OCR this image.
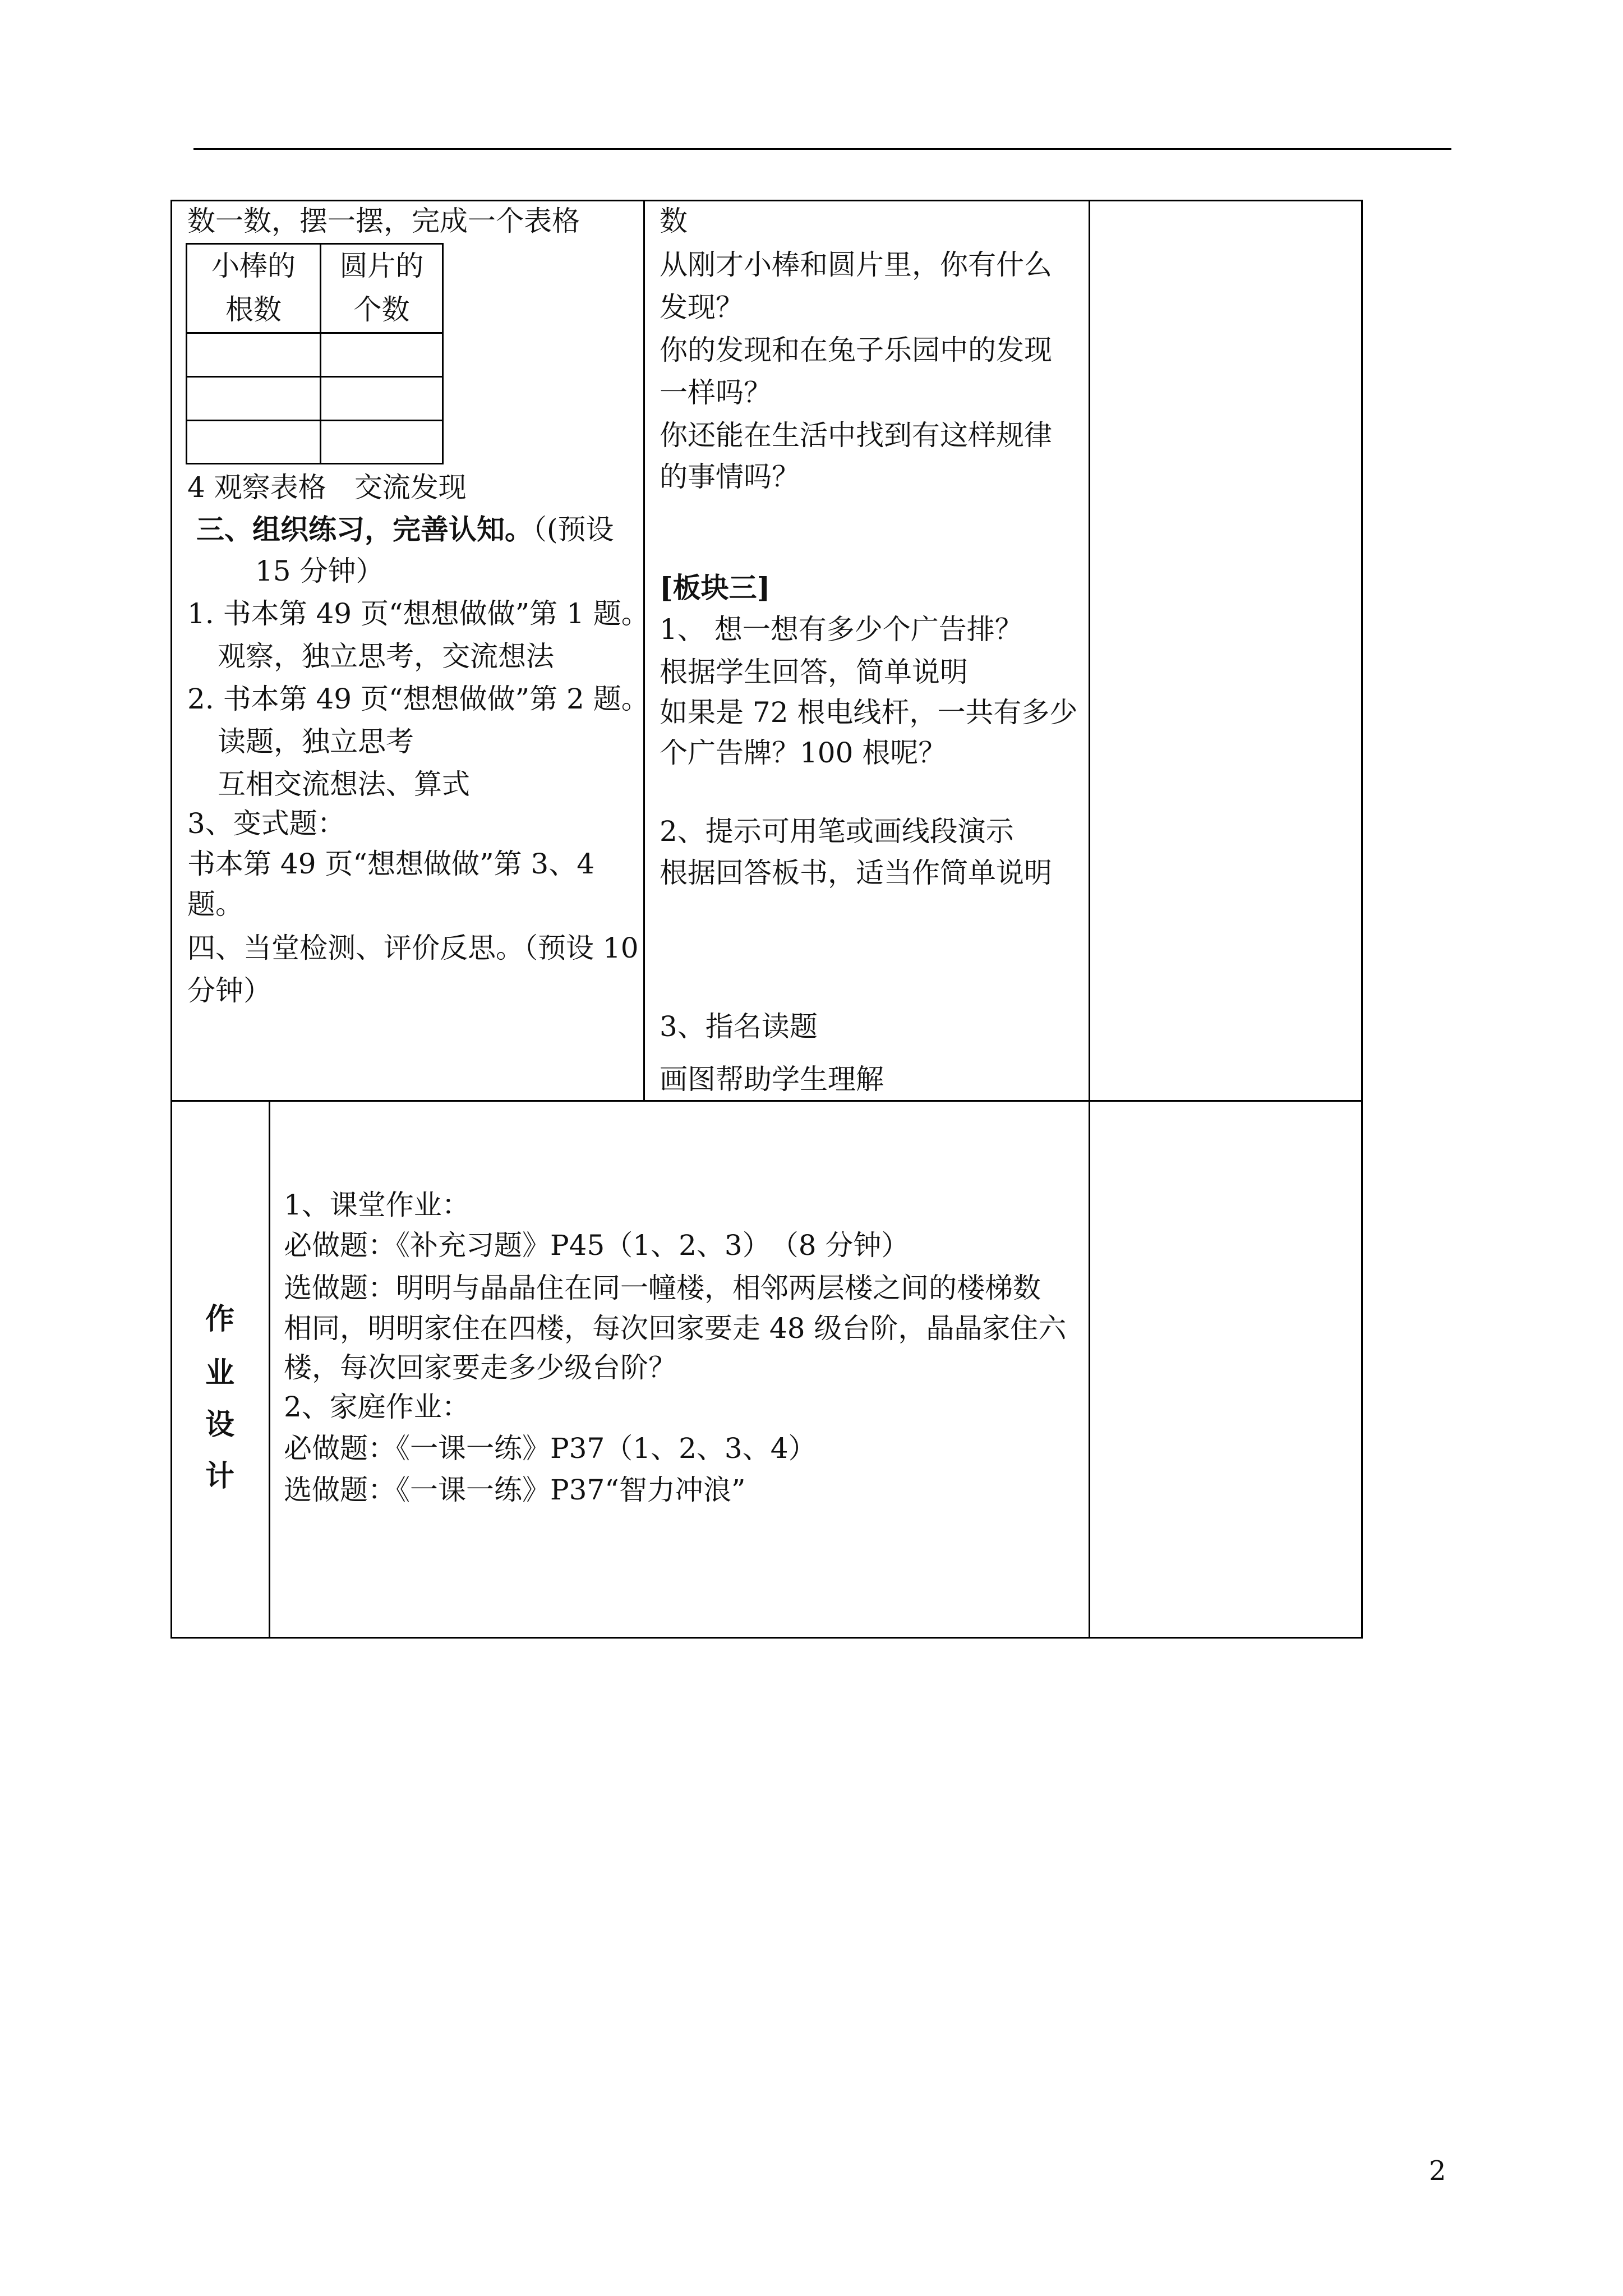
小棒的
根数
圆片的
个数
数一数，摆一摆，完成一个表格
4 观察表格　交流发现
三、组织练习，完善认知。（(预设
15 分钟）
1. 书本第 49 页“想想做做”第 1 题。
观察，独立思考，交流想法
2. 书本第 49 页“想想做做”第 2 题。
读题，独立思考
互相交流想法、算式
3、变式题：
书本第 49 页“想想做做”第 3、4
题。
四、当堂检测、评价反思。（预设 10
分钟）
数
从刚才小棒和圆片里，你有什么
发现？
你的发现和在兔子乐园中的发现
一样吗？
你还能在生活中找到有这样规律
的事情吗？
[板块三]
1、 想一想有多少个广告排？
根据学生回答，简单说明
如果是 72 根电线杆，一共有多少
个广告牌？100 根呢？
2、提示可用笔或画线段演示
根据回答板书，适当作简单说明
3、指名读题
画图帮助学生理解
作
业
设
计
1、课堂作业：
必做题：《补充习题》P45（1、2、3）　（8 分钟）
选做题：明明与晶晶住在同一幢楼，相邻两层楼之间的楼梯数
相同，明明家住在四楼，每次回家要走 48 级台阶，晶晶家住六
楼，每次回家要走多少级台阶？
2、家庭作业：
必做题：《一课一练》P37（1、2、3、4）
选做题：《一课一练》P37“智力冲浪”
2
